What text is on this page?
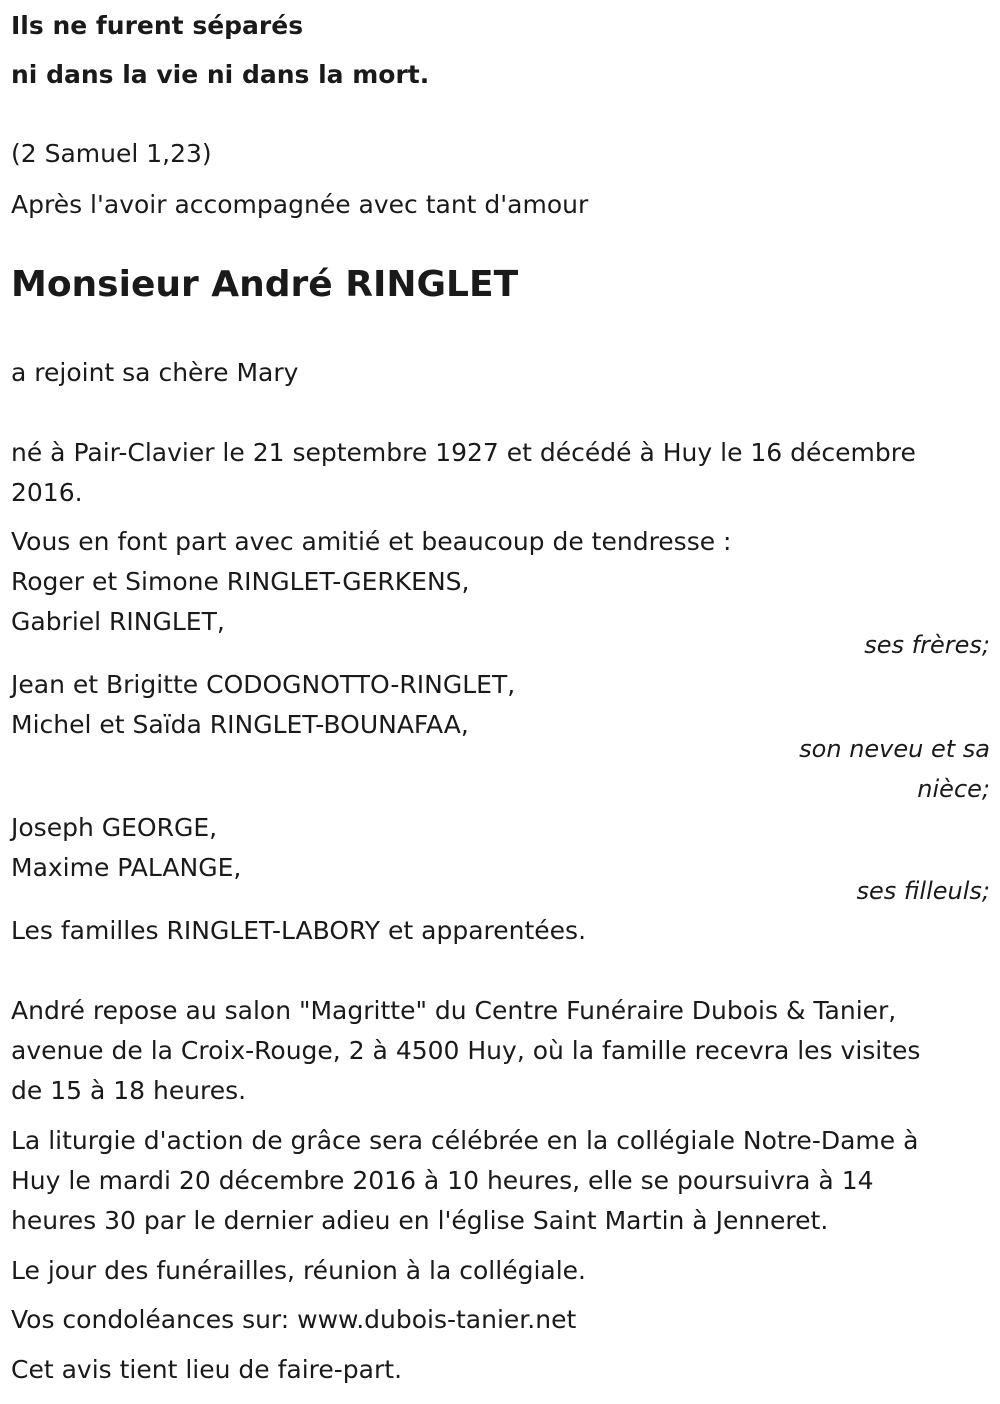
Ils ne furent séparés

ni dans la vie ni dans la mort.

(2 Samuel 1,23)

Après l'avoir accompagnée avec tant d'amour

Monsieur André RINGLET

a rejoint sa chère Mary

né à Pair-Clavier le 21 septembre 1927 et décédé à Huy le 16 décembre

2016.

Vous en font part avec amitié et beaucoup de tendresse :

Roger et Simone RINGLET-GERKENS,

Gabriel RINGLET,

ses frères;

Jean et Brigitte CODOGNOTTO-RINGLET,

Michel et Saïda RINGLET-BOUNAFAA,

son neveu et sa

nièce;

Joseph GEORGE,

Maxime PALANGE,

ses filleuls;

Les familles RINGLET-LABORY et apparentées.

André repose au salon "Magritte" du Centre Funéraire Dubois & Tanier,

avenue de la Croix-Rouge, 2 à 4500 Huy, où la famille recevra les visites

de 15 à 18 heures.

La liturgie d'action de grâce sera célébrée en la collégiale Notre-Dame à

Huy le mardi 20 décembre 2016 à 10 heures, elle se poursuivra à 14

heures 30 par le dernier adieu en l'église Saint Martin à Jenneret.

Le jour des funérailles, réunion à la collégiale.

Vos condoléances sur: www.dubois-tanier.net

Cet avis tient lieu de faire-part.
